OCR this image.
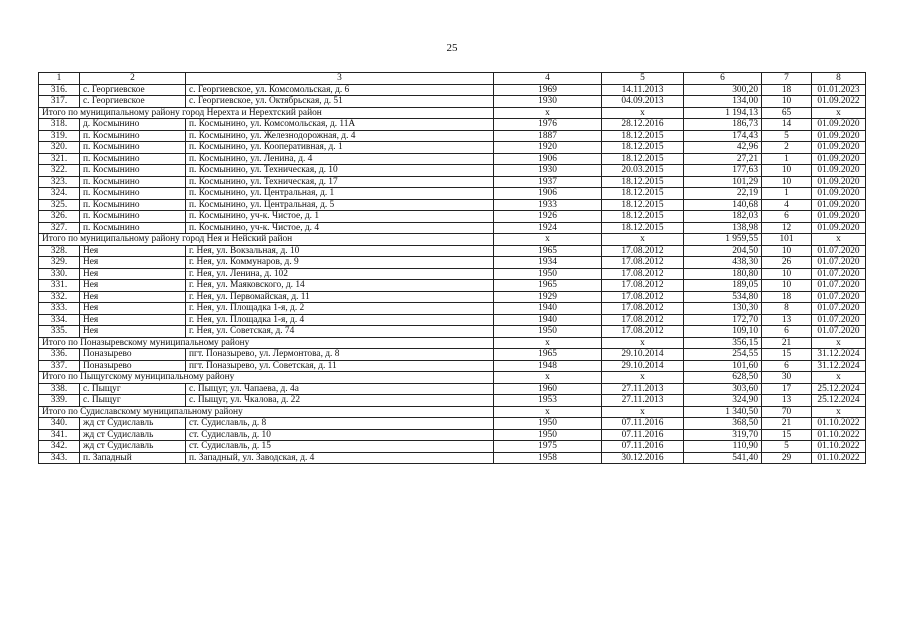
25
1	2	3	4	5	6	7	8
316.	с. Георгиевское	с. Георгиевское, ул. Комсомольская, д. 6	1969	14.11.2013	300,20	18	01.01.2023
317.	с. Георгиевское	с. Георгиевское, ул. Октябрьская, д. 51	1930	04.09.2013	134,00	10	01.09.2022
Итого по муниципальному району город Нерехта и Нерехтский район			х	х	1 194,13	65	х
318.	д. Космынино	п. Космынино, ул. Комсомольская, д. 11А	1976	28.12.2016	186,73	14	01.09.2020
319.	п. Космынино	п. Космынино, ул. Железнодорожная, д. 4	1887	18.12.2015	174,43	5	01.09.2020
320.	п. Космынино	п. Космынино, ул. Кооперативная, д. 1	1920	18.12.2015	42,96	2	01.09.2020
321.	п. Космынино	п. Космынино, ул. Ленина, д. 4	1906	18.12.2015	27,21	1	01.09.2020
322.	п. Космынино	п. Космынино, ул. Техническая, д. 10	1930	20.03.2015	177,63	10	01.09.2020
323.	п. Космынино	п. Космынино, ул. Техническая, д. 17	1937	18.12.2015	101,29	10	01.09.2020
324.	п. Космынино	п. Космынино, ул. Центральная, д. 1	1906	18.12.2015	22,19	1	01.09.2020
325.	п. Космынино	п. Космынино, ул. Центральная, д. 5	1933	18.12.2015	140,68	4	01.09.2020
326.	п. Космынино	п. Космынино, уч-к. Чистое, д. 1	1926	18.12.2015	182,03	6	01.09.2020
327.	п. Космынино	п. Космынино, уч-к. Чистое, д. 4	1924	18.12.2015	138,98	12	01.09.2020
Итого по муниципальному району город Нея и Нейский район			х	х	1 959,55	101	х
328.	Нея	г. Нея, ул. Вокзальная, д. 10	1965	17.08.2012	204,50	10	01.07.2020
329.	Нея	г. Нея, ул. Коммунаров, д. 9	1934	17.08.2012	438,30	26	01.07.2020
330.	Нея	г. Нея, ул. Ленина, д. 102	1950	17.08.2012	180,80	10	01.07.2020
331.	Нея	г. Нея, ул. Маяковского, д. 14	1965	17.08.2012	189,05	10	01.07.2020
332.	Нея	г. Нея, ул. Первомайская, д. 11	1929	17.08.2012	534,80	18	01.07.2020
333.	Нея	г. Нея, ул. Площадка 1-я, д. 2	1940	17.08.2012	130,30	8	01.07.2020
334.	Нея	г. Нея, ул. Площадка 1-я, д. 4	1940	17.08.2012	172,70	13	01.07.2020
335.	Нея	г. Нея, ул. Советская, д. 74	1950	17.08.2012	109,10	6	01.07.2020
Итого по Поназыревскому муниципальному району			х	х	356,15	21	х
336.	Поназырево	пгт. Поназырево, ул. Лермонтова, д. 8	1965	29.10.2014	254,55	15	31.12.2024
337.	Поназырево	пгт. Поназырево, ул. Советская, д. 11	1948	29.10.2014	101,60	6	31.12.2024
Итого по Пыщугскому муниципальному району			х	х	628,50	30	х
338.	с. Пыщуг	с. Пыщуг, ул. Чапаева, д. 4а	1960	27.11.2013	303,60	17	25.12.2024
339.	с. Пыщуг	с. Пыщуг, ул. Чкалова, д. 22	1953	27.11.2013	324,90	13	25.12.2024
Итого по Судиславскому муниципальному району			х	х	1 340,50	70	х
340.	жд ст Судиславль	ст. Судиславль, д. 8	1950	07.11.2016	368,50	21	01.10.2022
341.	жд ст Судиславль	ст. Судиславль, д. 10	1950	07.11.2016	319,70	15	01.10.2022
342.	жд ст Судиславль	ст. Судиславль, д. 15	1975	07.11.2016	110,90	5	01.10.2022
343.	п. Западный	п. Западный, ул. Заводская, д. 4	1958	30.12.2016	541,40	29	01.10.2022
